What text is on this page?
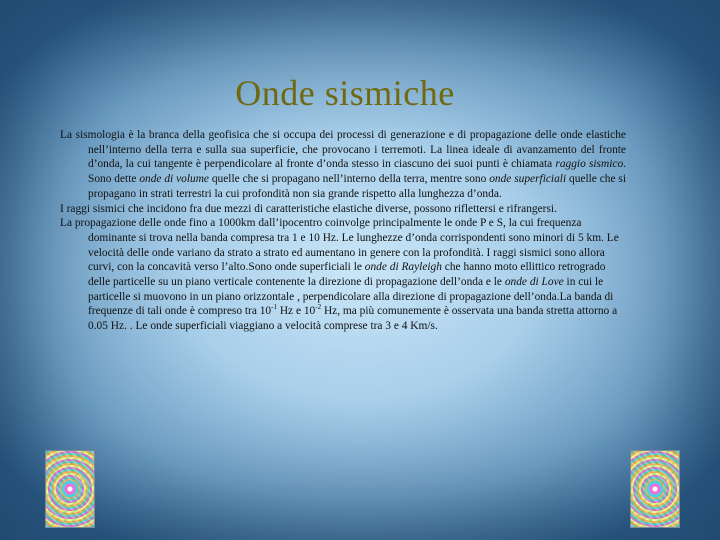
Onde sismiche

La sismologia è la branca della geofisica che si occupa dei processi di generazione e di propagazione delle onde elastiche nell’interno della terra e sulla sua superficie, che provocano i terremoti. La linea ideale di avanzamento del fronte d’onda, la cui tangente è perpendicolare al fronte d’onda stesso in ciascuno dei suoi punti è chiamata raggio sismico. Sono dette onde di volume quelle che si propagano nell’interno della terra, mentre sono onde superficiali quelle che si propagano in strati terrestri la cui profondità non sia grande rispetto alla lunghezza d’onda.

I raggi sismici che incidono fra due mezzi di caratteristiche elastiche diverse, possono riflettersi e rifrangersi.

La propagazione delle onde fino a 1000km dall’ipocentro coinvolge principalmente le onde P e S, la cui frequenza dominante si trova nella banda compresa tra 1 e 10 Hz. Le lunghezze d’onda corrispondenti sono minori di 5 km. Le velocità delle onde variano da strato a strato ed aumentano in genere con la profondità. I raggi sismici sono allora curvi, con la concavità verso l’alto.Sono onde superficiali le onde di Rayleigh che hanno moto ellittico retrogrado delle particelle su un piano verticale contenente la direzione di propagazione dell’onda e le onde di Love in cui le particelle si muovono in un piano orizzontale , perpendicolare alla direzione di propagazione dell’onda.La banda di frequenze di tali onde è compreso tra $10^{-1}$ Hz e $10^{-2}$ Hz, ma più comunemente è osservata una banda stretta attorno a 0.05 Hz. . Le onde superficiali viaggiano a velocità comprese tra 3 e 4 Km/s.
